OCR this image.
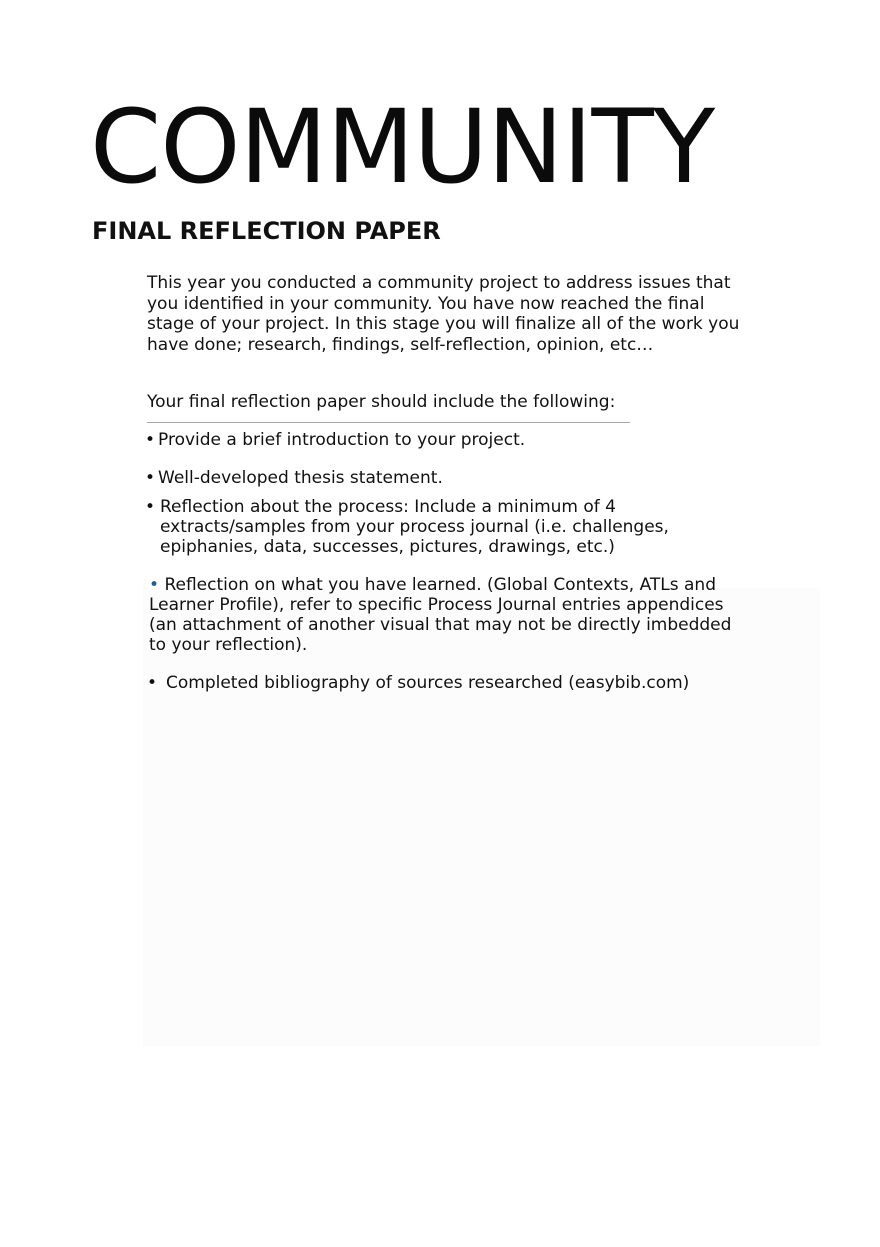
COMMUNITY
FINAL REFLECTION PAPER

This year you conducted a community project to address issues that you identified in your community. You have now reached the final stage of your project. In this stage you will finalize all of the work you have done; research, findings, self-reflection, opinion, etc…

Your final reflection paper should include the following:

• Provide a brief introduction to your project.
• Well-developed thesis statement.
• Reflection about the process: Include a minimum of 4 extracts/samples from your process journal (i.e. challenges, epiphanies, data, successes, pictures, drawings, etc.)
• Reflection on what you have learned. (Global Contexts, ATLs and Learner Profile), refer to specific Process Journal entries appendices (an attachment of another visual that may not be directly imbedded to your reflection).
• Completed bibliography of sources researched (easybib.com)
